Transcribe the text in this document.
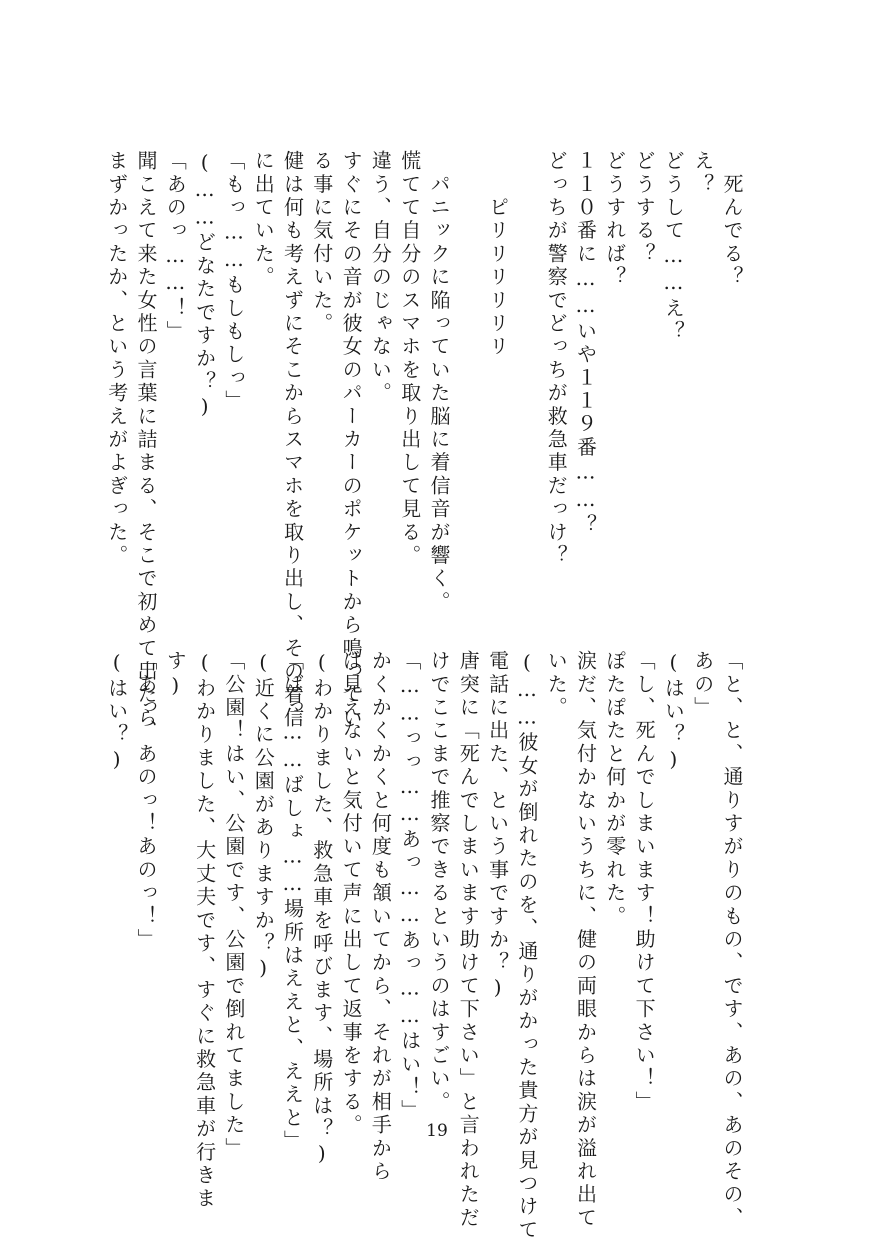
　死んでる？
え？
どうして……え？
どうする？
どうすれば？
１１０番に……いや１１９番……？
どっちが警察でどっちが救急車だっけ？
　　ピリリリリリリ
　パニックに陥っていた脳に着信音が響く。
慌てて自分のスマホを取り出して見る。
違う、自分のじゃない。
すぐにその音が彼女のパーカーのポケットから鳴ってい
る事に気付いた。
健は何も考えずにそこからスマホを取り出し、その着信
に出ていた。
「もっ……もしもしっ」
(……どなたですか？)
「あのっ……！」
聞こえて来た女性の言葉に詰まる、そこで初めて出たら
まずかったか、という考えがよぎった。
「と、と、通りすがりのもの、です、あの、あのその、
あの」
(はい？)
「し、死んでしまいます！助けて下さい！」
ぽたぽたと何かが零れた。
涙だ、気付かないうちに、健の両眼からは涙が溢れ出て
いた。
(……彼女が倒れたのを、通りがかった貴方が見つけて
電話に出た、という事ですか？)
唐突に「死んでしまいます助けて下さい」と言われただ
けでここまで推察できるというのはすごい。
「……っっ……あっ……あっ……はい！」
かくかくかくと何度も頷いてから、それが相手から
は見えないと気付いて声に出して返事をする。
(わかりました、救急車を呼びます、場所は？)
「ばっ……ばしょ……場所はええと、ええと」
(近くに公園がありますか？)
「公園！はい、公園です、公園で倒れてました」
(わかりました、大丈夫です、すぐに救急車が行きま
す)
「あっ、あのっ！あのっ！」
(はい？)
19
